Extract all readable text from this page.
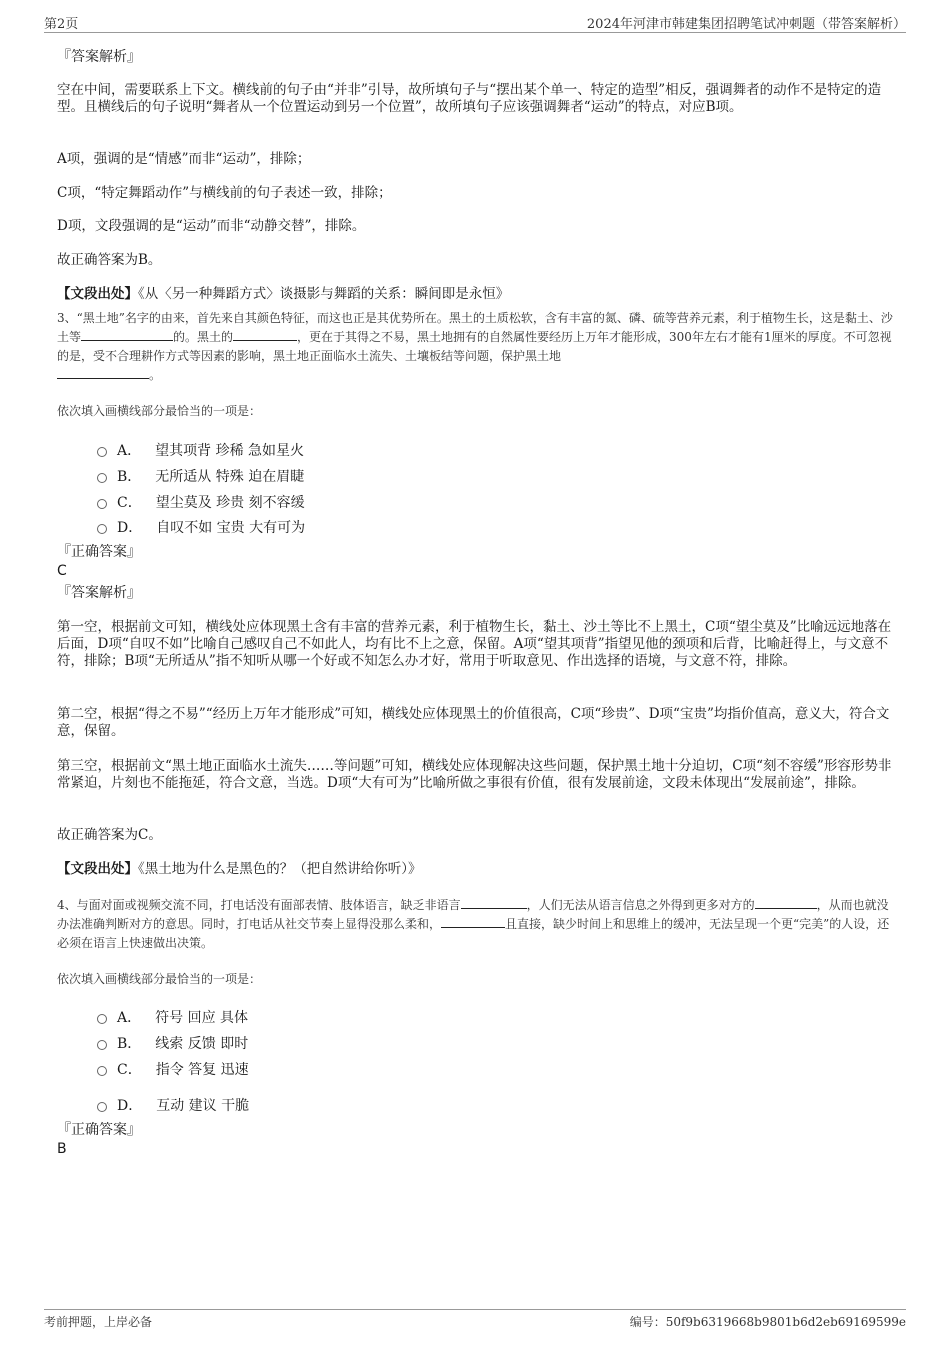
第2页	2024年河津市韩建集团招聘笔试冲刺题（带答案解析）
『答案解析』
空在中间，需要联系上下文。横线前的句子由“并非”引导，故所填句子与“摆出某个单一、特定的造型”相反，强调舞者的动作不是特定的造型。且横线后的句子说明“舞者从一个位置运动到另一个位置”，故所填句子应该强调舞者“运动”的特点，对应B项。
A项，强调的是“情感”而非“运动”，排除；
C项，“特定舞蹈动作”与横线前的句子表述一致，排除；
D项，文段强调的是“运动”而非“动静交替”，排除。
故正确答案为B。
【文段出处】《从〈另一种舞蹈方式〉谈摄影与舞蹈的关系：瞬间即是永恒》
3、“黑土地”名字的由来，首先来自其颜色特征，而这也正是其优势所在。黑土的土质松软，含有丰富的氮、磷、硫等营养元素，利于植物生长，这是黏土、沙土等	的。黑土的	，更在于其得之不易，黑土地拥有的自然属性要经历上万年才能形成，300年左右才能有1厘米的厚度。不可忽视的是，受不合理耕作方式等因素的影响，黑土地正面临水土流失、土壤板结等问题，保护黑土地
。
依次填入画横线部分最恰当的一项是：
A． 望其项背 珍稀 急如星火
B． 无所适从 特殊 迫在眉睫
C． 望尘莫及 珍贵 刻不容缓
D． 自叹不如 宝贵 大有可为
『正确答案』
C
『答案解析』
第一空，根据前文可知，横线处应体现黑土含有丰富的营养元素，利于植物生长，黏土、沙土等比不上黑土，C项“望尘莫及”比喻远远地落在后面，D项“自叹不如”比喻自己感叹自己不如此人，均有比不上之意，保留。A项“望其项背”指望见他的颈项和后背，比喻赶得上，与文意不符，排除；B项“无所适从”指不知听从哪一个好或不知怎么办才好，常用于听取意见、作出选择的语境，与文意不符，排除。
第二空，根据“得之不易”“经历上万年才能形成”可知，横线处应体现黑土的价值很高，C项“珍贵”、D项“宝贵”均指价值高，意义大，符合文意，保留。
第三空，根据前文“黑土地正面临水土流失……等问题”可知，横线处应体现解决这些问题，保护黑土地十分迫切，C项“刻不容缓”形容形势非常紧迫，片刻也不能拖延，符合文意，当选。D项“大有可为”比喻所做之事很有价值，很有发展前途，文段未体现出“发展前途”，排除。
故正确答案为C。
【文段出处】《黑土地为什么是黑色的？（把自然讲给你听）》
4、与面对面或视频交流不同，打电话没有面部表情、肢体语言，缺乏非语言	，人们无法从语言信息之外得到更多对方的	，从而也就没办法准确判断对方的意思。同时，打电话从社交节奏上显得没那么柔和，	且直接，缺少时间上和思维上的缓冲，无法呈现一个更“完美”的人设，还必须在语言上快速做出决策。
依次填入画横线部分最恰当的一项是：
A． 符号 回应 具体
B． 线索 反馈 即时
C． 指令 答复 迅速
D． 互动 建议 干脆
『正确答案』
B
考前押题，上岸必备	编号：50f9b6319668b9801b6d2eb69169599e
